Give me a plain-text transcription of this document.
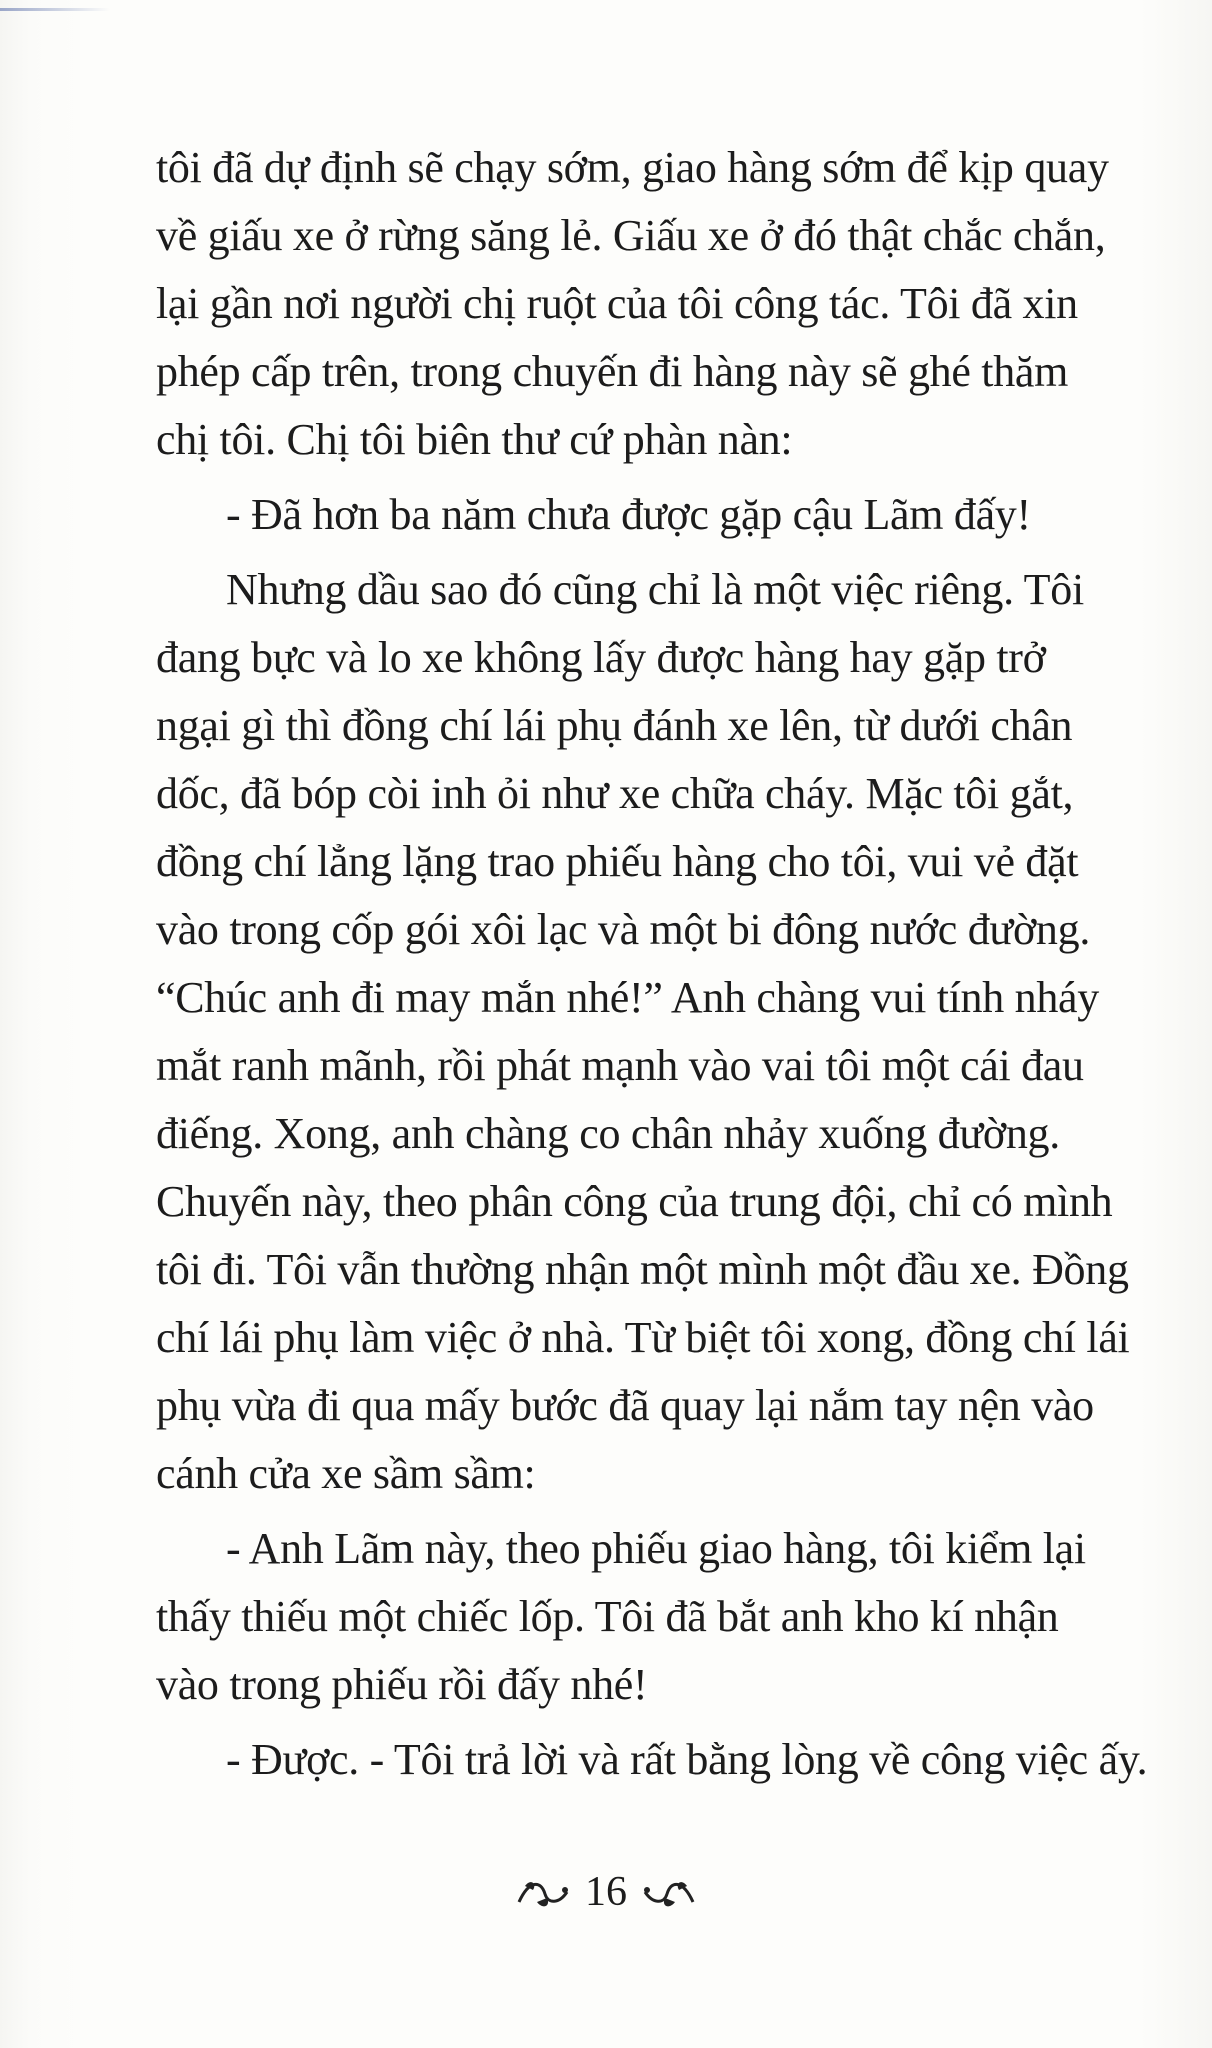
tôi đã dự định sẽ chạy sớm, giao hàng sớm để kịp quay
về giấu xe ở rừng săng lẻ. Giấu xe ở đó thật chắc chắn,
lại gần nơi người chị ruột của tôi công tác. Tôi đã xin
phép cấp trên, trong chuyến đi hàng này sẽ ghé thăm
chị tôi. Chị tôi biên thư cứ phàn nàn:
- Đã hơn ba năm chưa được gặp cậu Lãm đấy!
Nhưng dầu sao đó cũng chỉ là một việc riêng. Tôi
đang bực và lo xe không lấy được hàng hay gặp trở
ngại gì thì đồng chí lái phụ đánh xe lên, từ dưới chân
dốc, đã bóp còi inh ỏi như xe chữa cháy. Mặc tôi gắt,
đồng chí lẳng lặng trao phiếu hàng cho tôi, vui vẻ đặt
vào trong cốp gói xôi lạc và một bi đông nước đường.
“Chúc anh đi may mắn nhé!” Anh chàng vui tính nháy
mắt ranh mãnh, rồi phát mạnh vào vai tôi một cái đau
điếng. Xong, anh chàng co chân nhảy xuống đường.
Chuyến này, theo phân công của trung đội, chỉ có mình
tôi đi. Tôi vẫn thường nhận một mình một đầu xe. Đồng
chí lái phụ làm việc ở nhà. Từ biệt tôi xong, đồng chí lái
phụ vừa đi qua mấy bước đã quay lại nắm tay nện vào
cánh cửa xe sầm sầm:
- Anh Lãm này, theo phiếu giao hàng, tôi kiểm lại
thấy thiếu một chiếc lốp. Tôi đã bắt anh kho kí nhận
vào trong phiếu rồi đấy nhé!
- Được. - Tôi trả lời và rất bằng lòng về công việc ấy.
16
